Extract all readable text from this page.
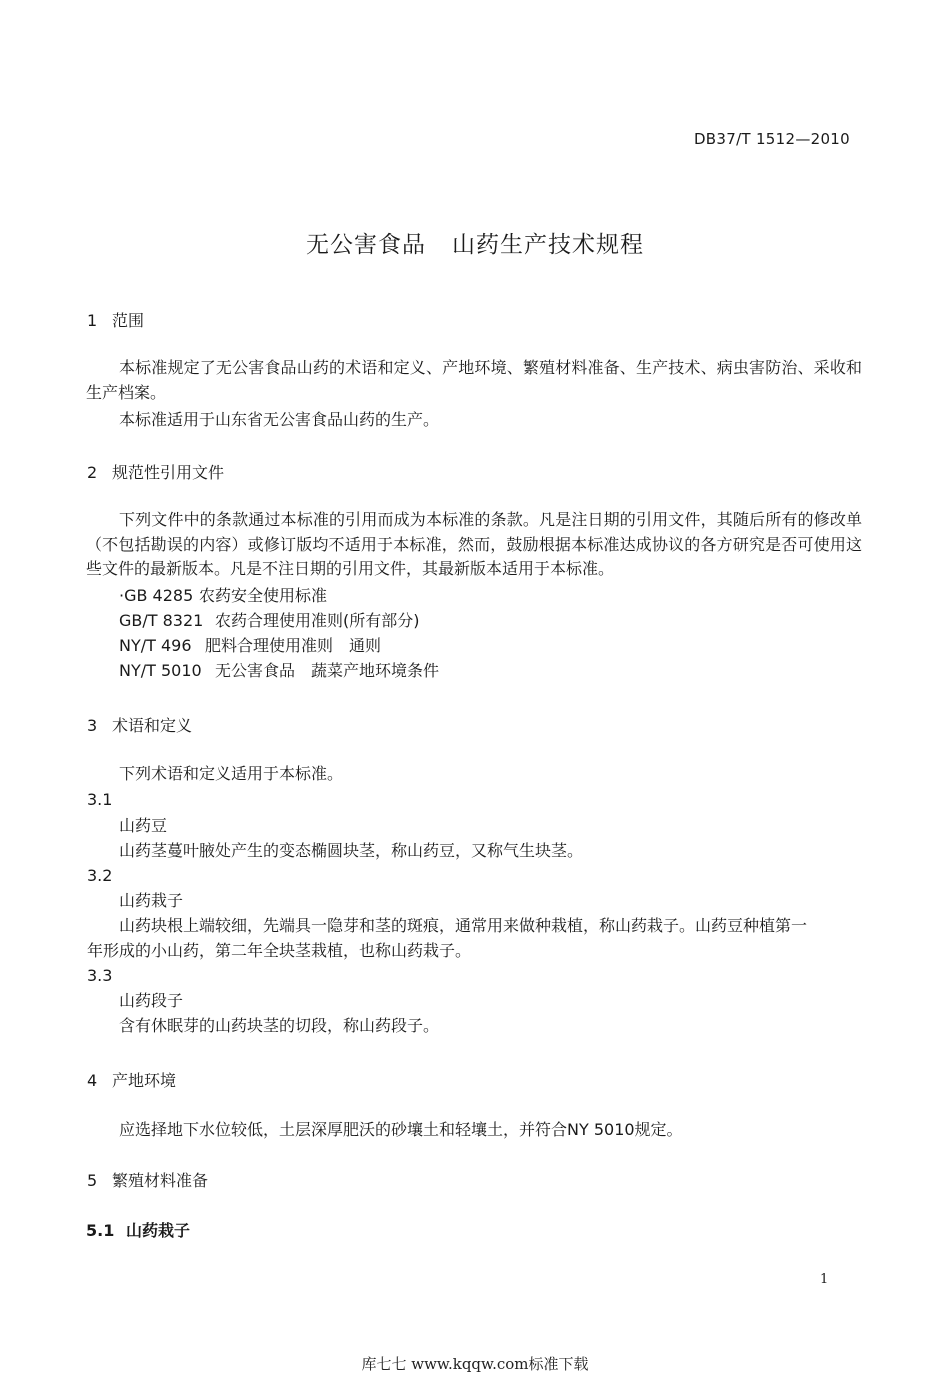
DB37/T 1512—2010
无公害食品 山药生产技术规程
1 范围
本标准规定了无公害食品山药的术语和定义、产地环境、繁殖材料准备、生产技术、病虫害防治、采收和生产档案。
本标准适用于山东省无公害食品山药的生产。
2 规范性引用文件
下列文件中的条款通过本标准的引用而成为本标准的条款。凡是注日期的引用文件，其随后所有的修改单（不包括勘误的内容）或修订版均不适用于本标准，然而，鼓励根据本标准达成协议的各方研究是否可使用这些文件的最新版本。凡是不注日期的引用文件，其最新版本适用于本标准。
·GB 4285 农药安全使用标准
GB/T 8321 农药合理使用准则(所有部分)
NY/T 496 肥料合理使用准则　通则
NY/T 5010 无公害食品　蔬菜产地环境条件
3 术语和定义
下列术语和定义适用于本标准。
3.1
山药豆
山药茎蔓叶腋处产生的变态椭圆块茎，称山药豆，又称气生块茎。
3.2
山药栽子
山药块根上端较细，先端具一隐芽和茎的斑痕，通常用来做种栽植，称山药栽子。山药豆种植第一
年形成的小山药，第二年全块茎栽植，也称山药栽子。
3.3
山药段子
含有休眠芽的山药块茎的切段，称山药段子。
4 产地环境
应选择地下水位较低，土层深厚肥沃的砂壤土和轻壤土，并符合NY 5010规定。
5 繁殖材料准备
5.1 山药栽子
1
库七七 www.kqqw.com标准下载
